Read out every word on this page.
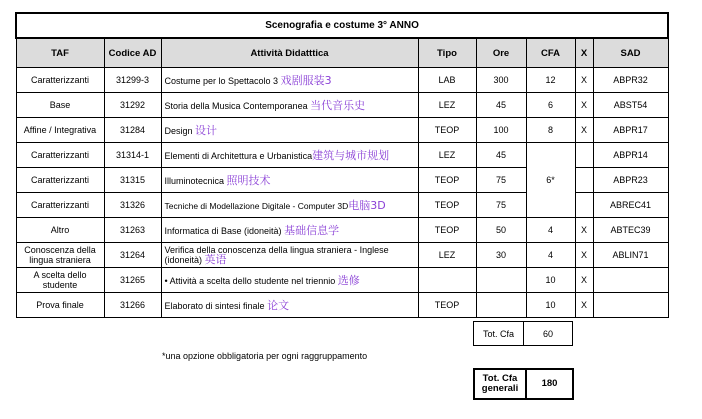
Scenografia e costume 3° ANNO							
TAF	Codice AD	Attività Didatttica	Tipo	Ore	CFA	X	SAD
Caratterizzanti	31299-3	Costume per lo Spettacolo 3 戏剧服装3	LAB	300	12	X	ABPR32
Base	31292	Storia della Musica Contemporanea 当代音乐史	LEZ	45	6	X	ABST54
Affine / Integrativa	31284	Design 设计	TEOP	100	8	X	ABPR17
Caratterizzanti	31314-1	Elementi di Architettura e Urbanistica建筑与城市规划	LEZ	45	6*		ABPR14
Caratterizzanti	31315	Illuminotecnica 照明技术	TEOP	75			ABPR23
Caratterizzanti	31326	Tecniche di Modellazione Digitale - Computer 3D电脑3D	TEOP	75			ABREC41
Altro	31263	Informatica di Base (idoneità) 基础信息学	TEOP	50	4	X	ABTEC39
Conoscenza della lingua straniera	31264	Verifica della conoscenza della lingua straniera - Inglese (idoneità) 英语	LEZ	30	4	X	ABLIN71
A scelta dello studente	31265	• Attività a scelta dello studente nel triennio 选修			10	X	
Prova finale	31266	Elaborato di sintesi finale 论文	TEOP		10	X	
Tot. Cfa	60
*una opzione obbligatoria per ogni raggruppamento
Tot. Cfa generali	180
